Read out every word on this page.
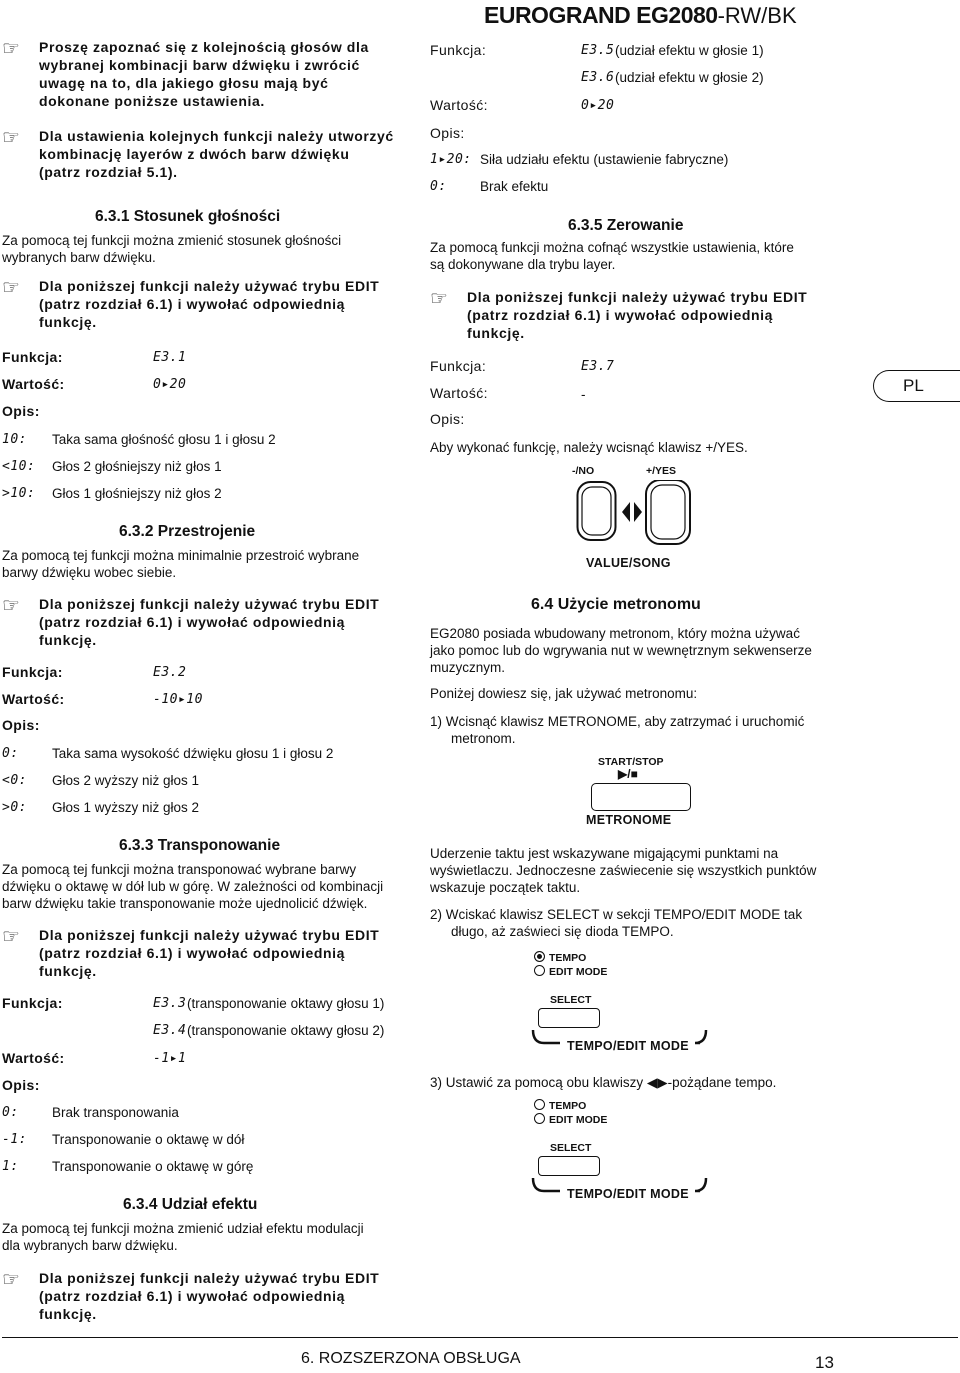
EUROGRAND EG2080-RW/BK
☞ Proszę zapoznać się z kolejnością głosów dla
wybranej kombinacji barw dźwięku i zwrócić
uwagę na to, dla jakiego głosu mają być
dokonane poniższe ustawienia.
☞ Dla ustawienia kolejnych funkcji należy utworzyć
kombinację layerów z dwóch barw dźwięku
(patrz rozdział 5.1).
6.3.1 Stosunek głośności
Za pomocą tej funkcji można zmienić stosunek głośności
wybranych barw dźwięku.
☞ Dla poniższej funkcji należy używać trybu EDIT
(patrz rozdział 6.1) i wywołać odpowiednią
funkcję.
Funkcja:	E3.1
Wartość:	0▸20
Opis:
10: Taka sama głośność głosu 1 i głosu 2
<10: Głos 2 głośniejszy niż głos 1
>10: Głos 1 głośniejszy niż głos 2
6.3.2 Przestrojenie
Za pomocą tej funkcji można minimalnie przestroić wybrane
barwy dźwięku wobec siebie.
☞ Dla poniższej funkcji należy używać trybu EDIT
(patrz rozdział 6.1) i wywołać odpowiednią
funkcję.
Funkcja:	E3.2
Wartość:	-10▸10
Opis:
0: Taka sama wysokość dźwięku głosu 1 i głosu 2
<0: Głos 2 wyższy niż głos 1
>0: Głos 1 wyższy niż głos 2
6.3.3 Transponowanie
Za pomocą tej funkcji można transponować wybrane barwy
dźwięku o oktawę w dół lub w górę. W zależności od kombinacji
barw dźwięku takie transponowanie może ujednolicić dźwięk.
☞ Dla poniższej funkcji należy używać trybu EDIT
(patrz rozdział 6.1) i wywołać odpowiednią
funkcję.
Funkcja:	E3.3 (transponowanie oktawy głosu 1)
E3.4 (transponowanie oktawy głosu 2)
Wartość:	-1▸1
Opis:
0: Brak transponowania
-1: Transponowanie o oktawę w dół
1: Transponowanie o oktawę w górę
6.3.4 Udział efektu
Za pomocą tej funkcji można zmienić udział efektu modulacji
dla wybranych barw dźwięku.
☞ Dla poniższej funkcji należy używać trybu EDIT
(patrz rozdział 6.1) i wywołać odpowiednią
funkcję.
Funkcja:	E3.5 (udział efektu w głosie 1)
E3.6 (udział efektu w głosie 2)
Wartość:	0▸20
Opis:
1▸20: Siła udziału efektu (ustawienie fabryczne)
0: Brak efektu
6.3.5 Zerowanie
Za pomocą funkcji można cofnąć wszystkie ustawienia, które
są dokonywane dla trybu layer.
☞ Dla poniższej funkcji należy używać trybu EDIT
(patrz rozdział 6.1) i wywołać odpowiednią
funkcję.
Funkcja:	E3.7
Wartość:	-
Opis:
Aby wykonać funkcję, należy wcisnąć klawisz +/YES.
-/NO	+/YES
VALUE/SONG
6.4 Użycie metronomu
EG2080 posiada wbudowany metronom, który można używać
jako pomoc lub do wgrywania nut w wewnętrznym sekwenserze
muzycznym.
Poniżej dowiesz się, jak używać metronomu:
1) Wcisnąć klawisz METRONOME, aby zatrzymać i uruchomić
metronom.
START/STOP
▶/■
METRONOME
Uderzenie taktu jest wskazywane migającymi punktami na
wyświetlaczu. Jednoczesne zaświecenie się wszystkich punktów
wskazuje początek taktu.
2) Wciskać klawisz SELECT w sekcji TEMPO/EDIT MODE tak
długo, aż zaświeci się dioda TEMPO.
TEMPO
EDIT MODE
SELECT
TEMPO/EDIT MODE
3) Ustawić za pomocą obu klawiszy ◀▶-pożądane tempo.
TEMPO
EDIT MODE
SELECT
TEMPO/EDIT MODE
PL
6. ROZSZERZONA OBSŁUGA	13
